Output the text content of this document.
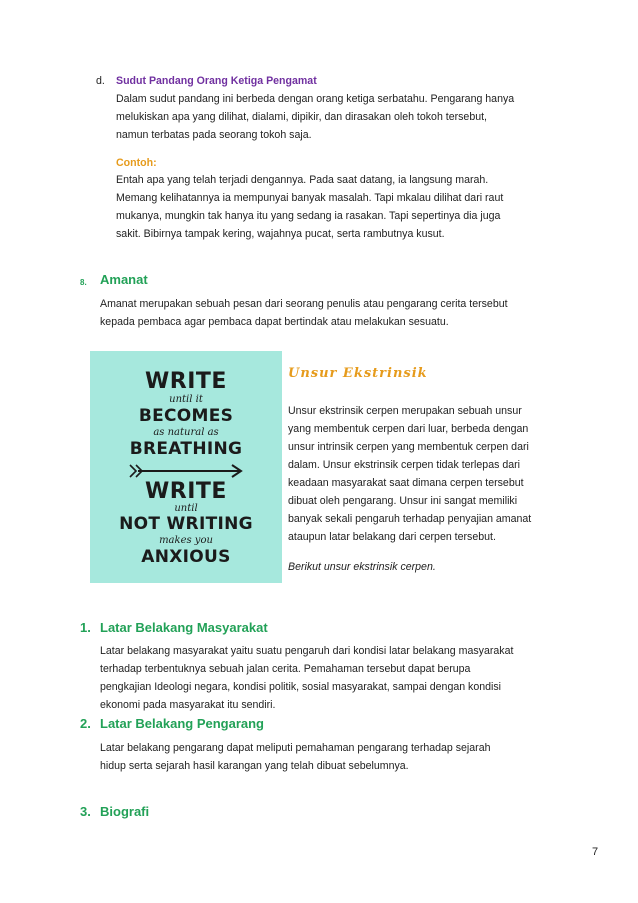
d. Sudut Pandang Orang Ketiga Pengamat
Dalam sudut pandang ini berbeda dengan orang ketiga serbatahu. Pengarang hanya
melukiskan apa yang dilihat, dialami, dipikir, dan dirasakan oleh tokoh tersebut,
namun terbatas pada seorang tokoh saja.
Contoh:
Entah apa yang telah terjadi dengannya. Pada saat datang, ia langsung marah.
Memang kelihatannya ia mempunyai banyak masalah. Tapi mkalau dilihat dari raut
mukanya, mungkin tak hanya itu yang sedang ia rasakan. Tapi sepertinya dia juga
sakit. Bibirnya tampak kering, wajahnya pucat, serta rambutnya kusut.
8. Amanat
Amanat merupakan sebuah pesan dari seorang penulis atau pengarang cerita tersebut
kepada pembaca agar pembaca dapat bertindak atau melakukan sesuatu.
WRITE
until it
BECOMES
as natural as
BREATHING
WRITE
until
NOT WRITING
makes you
ANXIOUS
Unsur Ekstrinsik
Unsur ekstrinsik cerpen merupakan sebuah unsur
yang membentuk cerpen dari luar, berbeda dengan
unsur intrinsik cerpen yang membentuk cerpen dari
dalam. Unsur ekstrinsik cerpen tidak terlepas dari
keadaan masyarakat saat dimana cerpen tersebut
dibuat oleh pengarang. Unsur ini sangat memiliki
banyak sekali pengaruh terhadap penyajian amanat
ataupun latar belakang dari cerpen tersebut.
Berikut unsur ekstrinsik cerpen.
1. Latar Belakang Masyarakat
Latar belakang masyarakat yaitu suatu pengaruh dari kondisi latar belakang masyarakat
terhadap terbentuknya sebuah jalan cerita. Pemahaman tersebut dapat berupa
pengkajian Ideologi negara, kondisi politik, sosial masyarakat, sampai dengan kondisi
ekonomi pada masyarakat itu sendiri.
2. Latar Belakang Pengarang
Latar belakang pengarang dapat meliputi pemahaman pengarang terhadap sejarah
hidup serta sejarah hasil karangan yang telah dibuat sebelumnya.
3. Biografi
7
